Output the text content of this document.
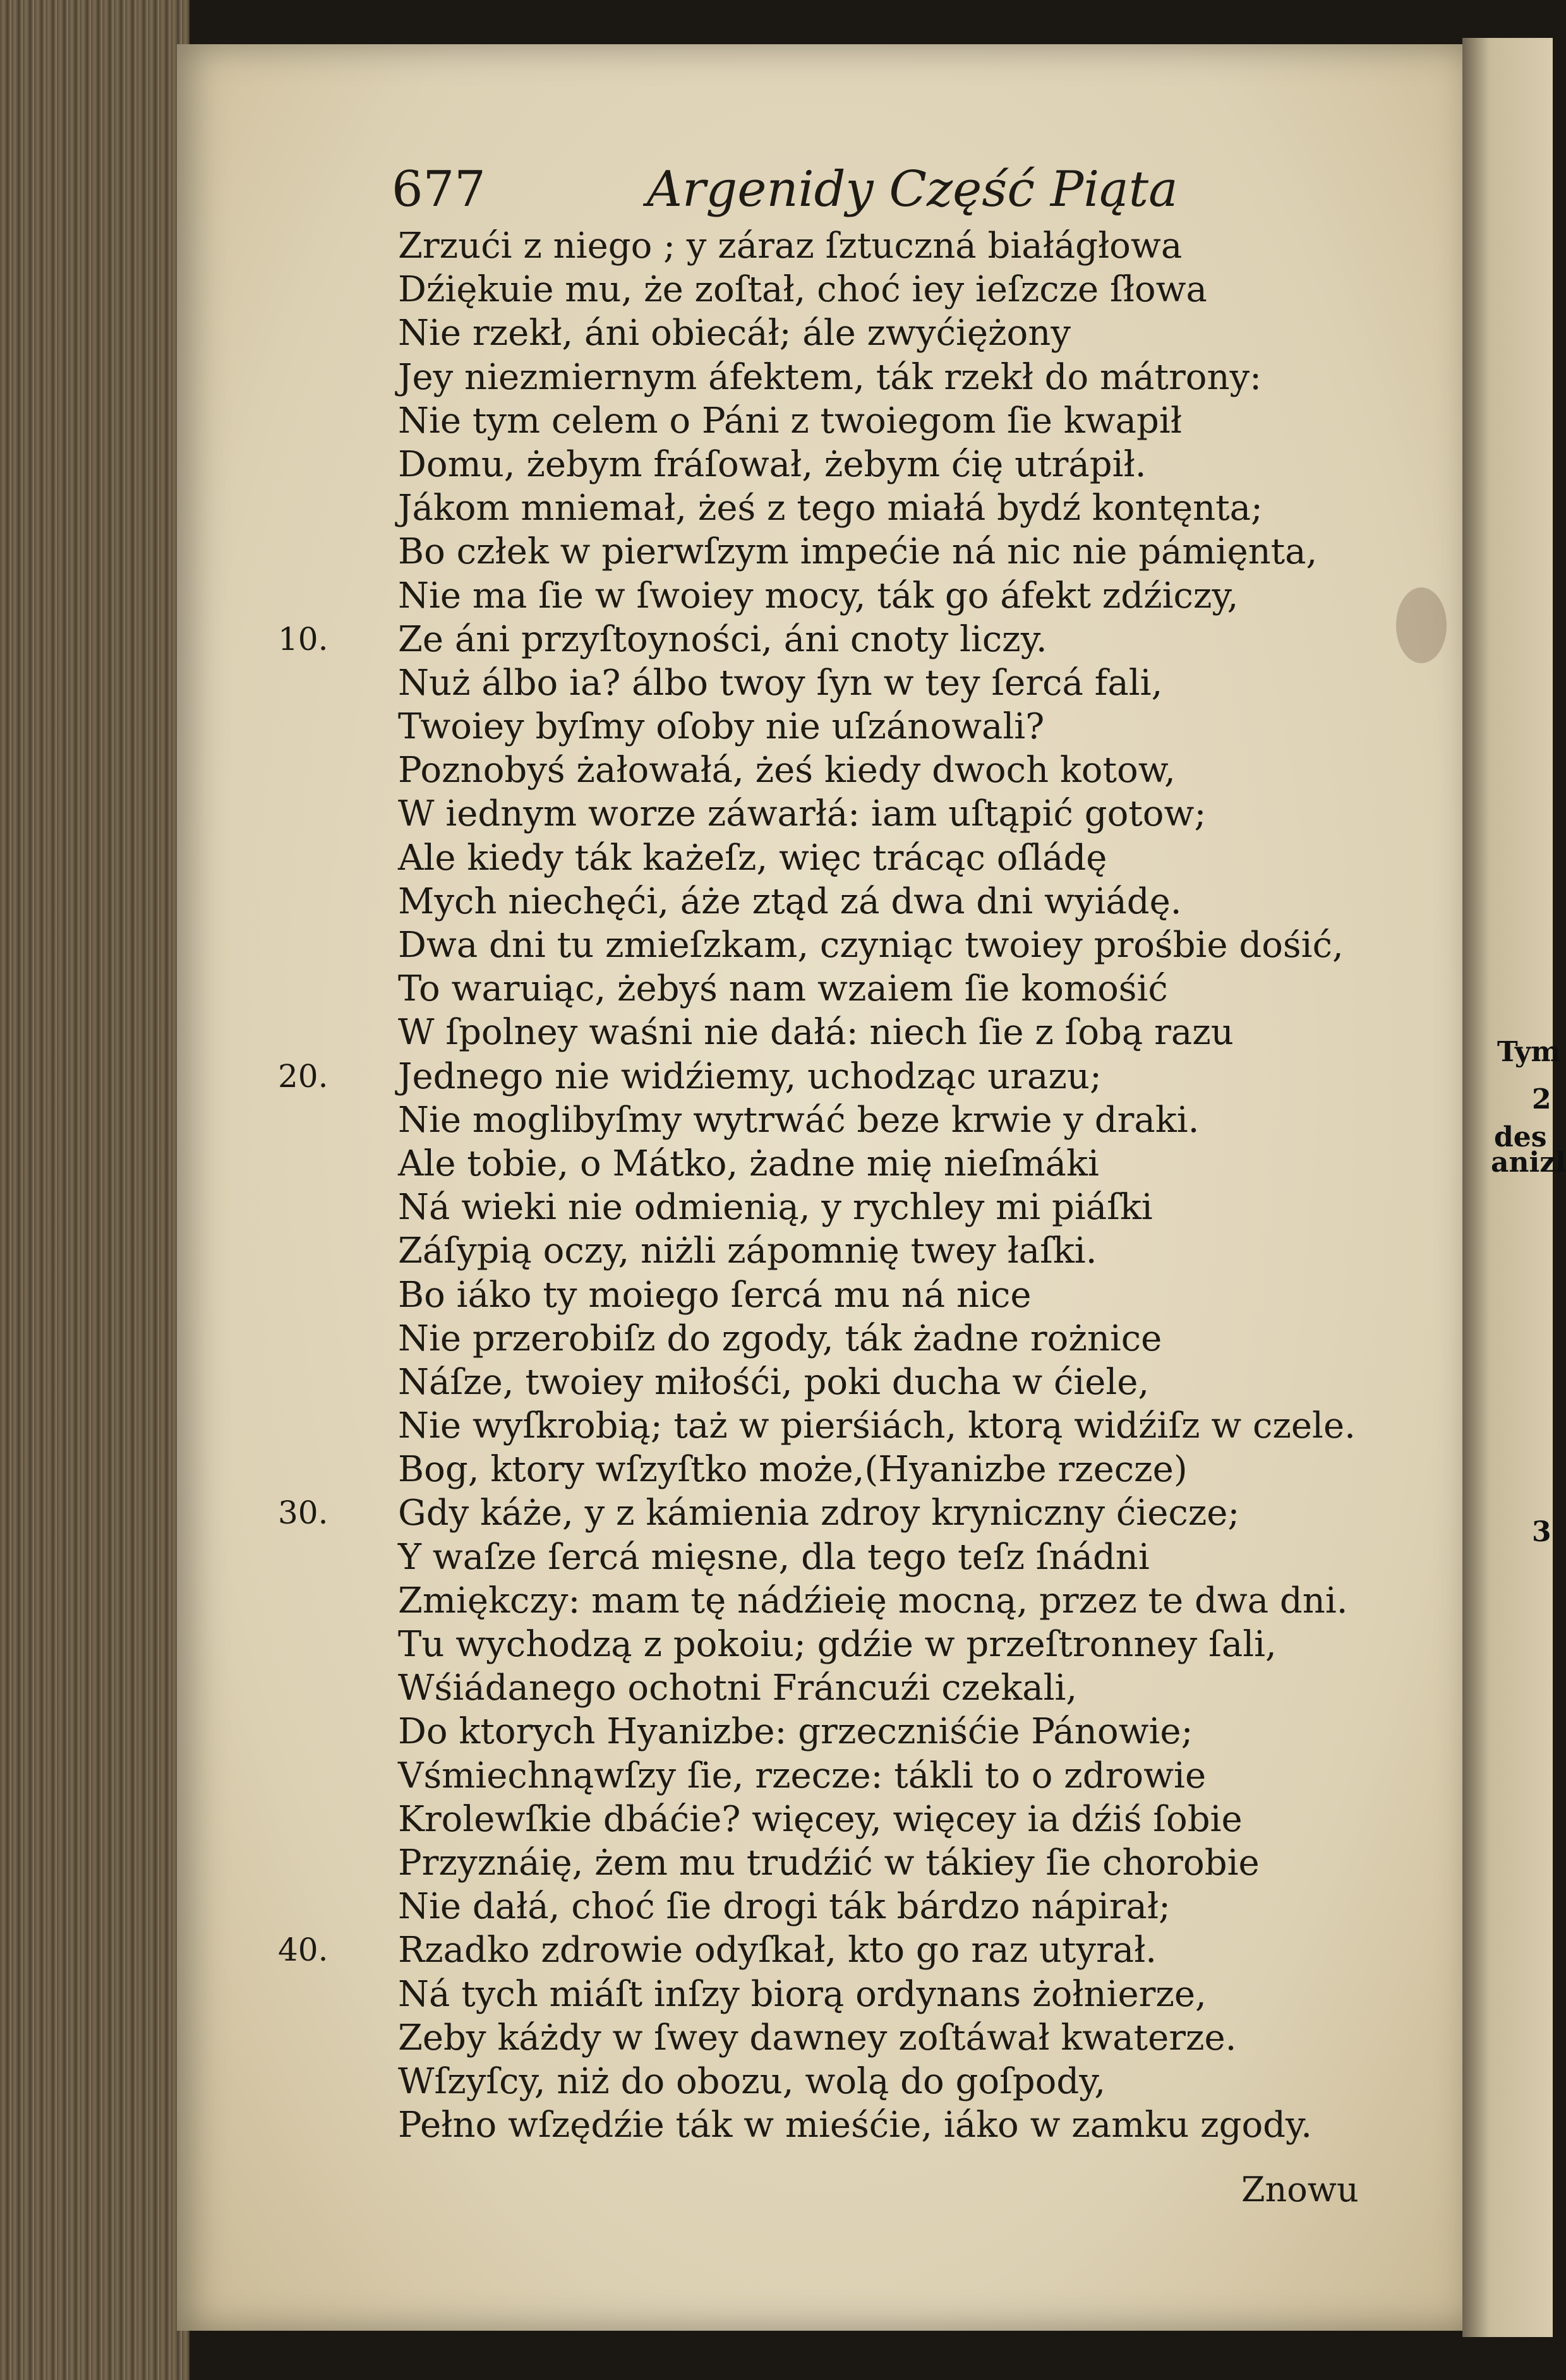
Tym
2
des
anizl
3
677	Argenidy Część Piąta
Zrzući z niego ; y záraz ſztuczná białágłowa
Dźiękuie mu, że zoſtał, choć iey ieſzcze ſłowa
Nie rzekł, áni obiecáł; ále zwyćiężony
Jey niezmiernym áfektem, ták rzekł do mátrony:
Nie tym celem o Páni z twoiegom ſie kwapił
Domu, żebym fráſował, żebym ćię utrápił.
Jákom mniemał, żeś z tego miałá bydź kontęnta;
Bo człek w pierwſzym impećie ná nic nie pámięnta,
Nie ma ſie w ſwoiey mocy, ták go áfekt zdźiczy,
Ze áni przyſtoyności, áni cnoty liczy.
10.
Nuż álbo ia? álbo twoy ſyn w tey ſercá fali,
Twoiey byſmy oſoby nie uſzánowali?
Poznobyś żałowałá, żeś kiedy dwoch kotow,
W iednym worze záwarłá: iam uſtąpić gotow;
Ale kiedy ták każeſz, więc trácąc oſládę
Mych niechęći, áże ztąd zá dwa dni wyiádę.
Dwa dni tu zmieſzkam, czyniąc twoiey prośbie dośić,
To waruiąc, żebyś nam wzaiem ſie komośić
W ſpolney waśni nie dałá: niech ſie z ſobą razu
Jednego nie widźiemy, uchodząc urazu;
20.
Nie moglibyſmy wytrwáć beze krwie y draki.
Ale tobie, o Mátko, żadne mię nieſmáki
Ná wieki nie odmienią, y rychley mi piáſki
Záſypią oczy, niżli zápomnię twey łaſki.
Bo iáko ty moiego ſercá mu ná nice
Nie przerobiſz do zgody, ták żadne rożnice
Náſze, twoiey miłośći, poki ducha w ćiele,
Nie wyſkrobią; taż w pierśiách, ktorą widźiſz w czele.
Bog, ktory wſzyſtko może,(Hyanizbe rzecze)
Gdy káże, y z kámienia zdroy kryniczny ćiecze;
30.
Y waſze ſercá mięsne, dla tego teſz ſnádni
Zmiękczy: mam tę nádźieię mocną, przez te dwa dni.
Tu wychodzą z pokoiu; gdźie w przeſtronney ſali,
Wśiádanego ochotni Fráncuźi czekali,
Do ktorych Hyanizbe: grzeczniśćie Pánowie;
Vśmiechnąwſzy ſie, rzecze: tákli to o zdrowie
Krolewſkie dbáćie? więcey, więcey ia dźiś ſobie
Przyznáię, żem mu trudźić w tákiey ſie chorobie
Nie dałá, choć ſie drogi ták bárdzo nápirał;
Rzadko zdrowie odyſkał, kto go raz utyrał.
40.
Ná tych miáſt inſzy biorą ordynans żołnierze,
Zeby káżdy w ſwey dawney zoſtáwał kwaterze.
Wſzyſcy, niż do obozu, wolą do goſpody,
Pełno wſzędźie ták w mieśćie, iáko w zamku zgody.
Znowu
